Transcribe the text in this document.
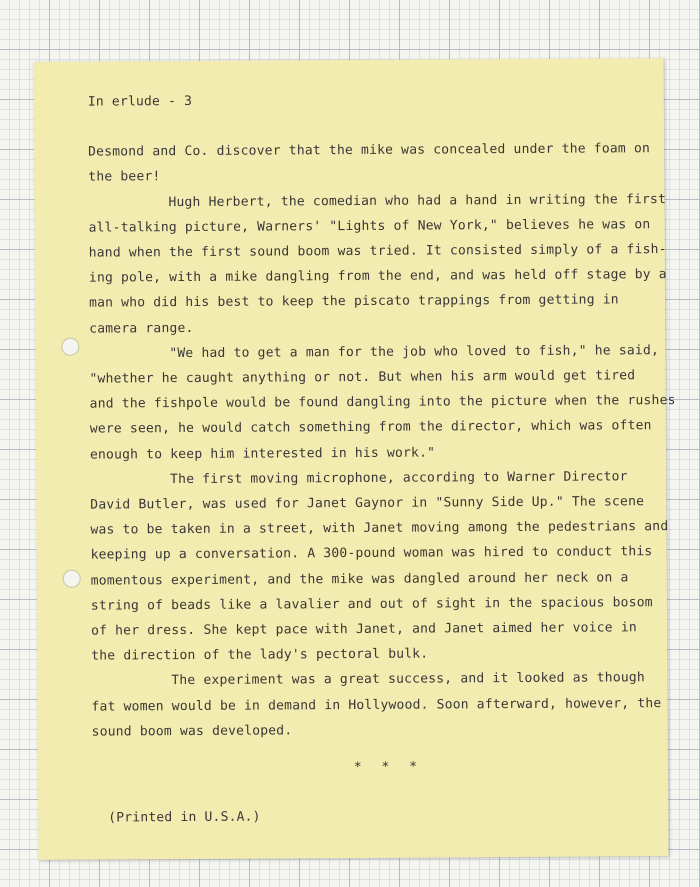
In erlude - 3
Desmond and Co. discover that the mike was concealed under the foam on
the beer!
Hugh Herbert, the comedian who had a hand in writing the first
all-talking picture, Warners' "Lights of New York," believes he was on
hand when the first sound boom was tried. It consisted simply of a fish-
ing pole, with a mike dangling from the end, and was held off stage by a
man who did his best to keep the piscato trappings from getting in
camera range.
"We had to get a man for the job who loved to fish," he said,
"whether he caught anything or not. But when his arm would get tired
and the fishpole would be found dangling into the picture when the rushes
were seen, he would catch something from the director, which was often
enough to keep him interested in his work."
The first moving microphone, according to Warner Director
David Butler, was used for Janet Gaynor in "Sunny Side Up." The scene
was to be taken in a street, with Janet moving among the pedestrians and
keeping up a conversation. A 300-pound woman was hired to conduct this
momentous experiment, and the mike was dangled around her neck on a
string of beads like a lavalier and out of sight in the spacious bosom
of her dress. She kept pace with Janet, and Janet aimed her voice in
the direction of the lady's pectoral bulk.
The experiment was a great success, and it looked as though
fat women would be in demand in Hollywood. Soon afterward, however, the
sound boom was developed.
* * *
(Printed in U.S.A.)
